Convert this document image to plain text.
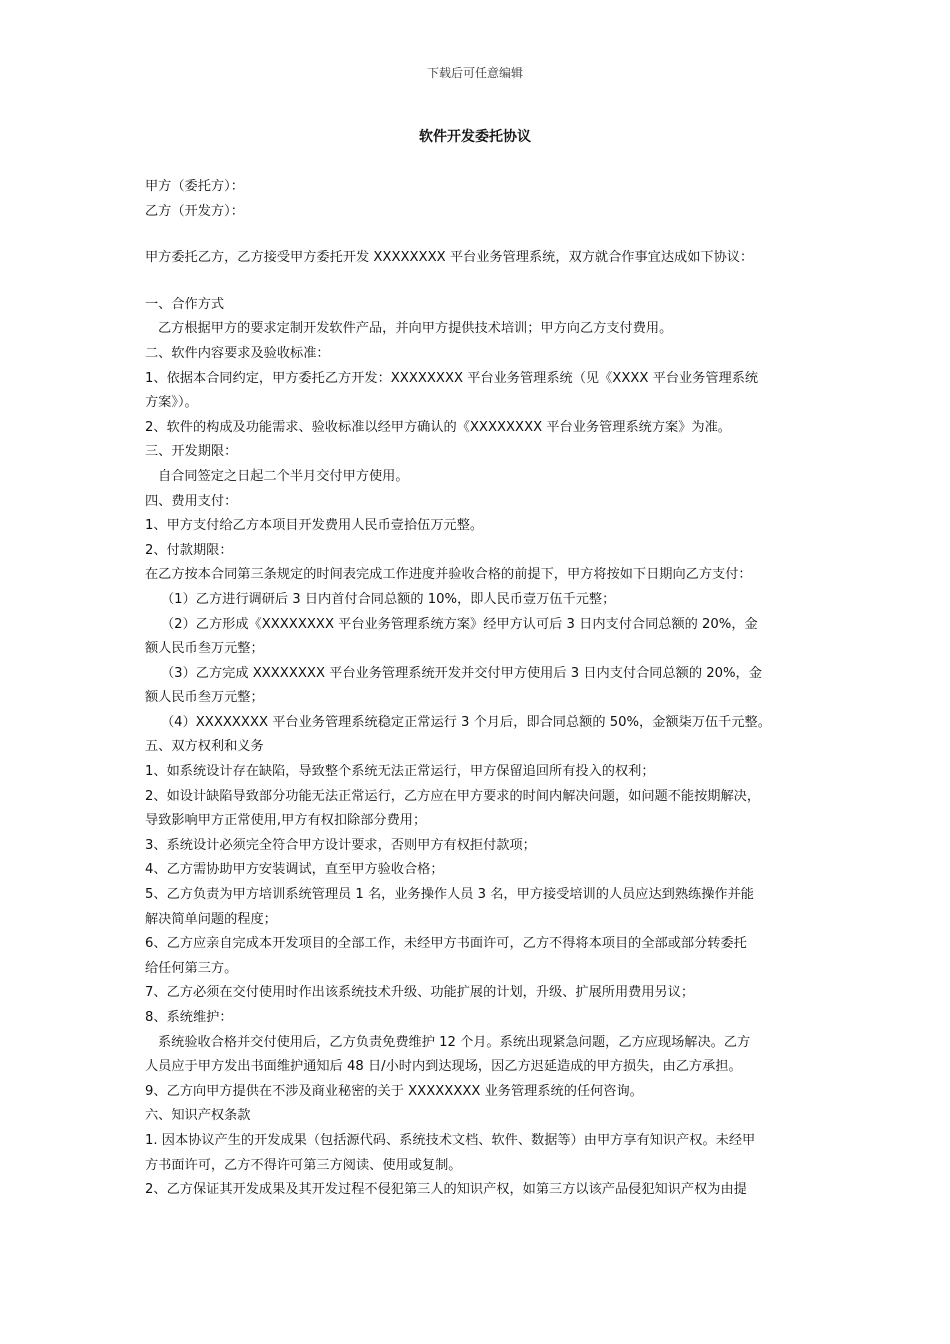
下载后可任意编辑
软件开发委托协议
甲方（委托方）：
乙方（开发方）：
甲方委托乙方，乙方接受甲方委托开发 XXXXXXXX 平台业务管理系统，双方就合作事宜达成如下协议：
一、合作方式
乙方根据甲方的要求定制开发软件产品，并向甲方提供技术培训；甲方向乙方支付费用。
二、软件内容要求及验收标准：
1、依据本合同约定，甲方委托乙方开发：XXXXXXXX 平台业务管理系统（见《XXXX 平台业务管理系统
方案》）。
2、软件的构成及功能需求、验收标准以经甲方确认的《XXXXXXXX 平台业务管理系统方案》为准。
三、开发期限：
自合同签定之日起二个半月交付甲方使用。
四、费用支付：
1、甲方支付给乙方本项目开发费用人民币壹拾伍万元整。
2、付款期限：
在乙方按本合同第三条规定的时间表完成工作进度并验收合格的前提下，甲方将按如下日期向乙方支付：
（1）乙方进行调研后 3 日内首付合同总额的 10%，即人民币壹万伍千元整；
（2）乙方形成《XXXXXXXX 平台业务管理系统方案》经甲方认可后 3 日内支付合同总额的 20%，金
额人民币叁万元整；
（3）乙方完成 XXXXXXXX 平台业务管理系统开发并交付甲方使用后 3 日内支付合同总额的 20%，金
额人民币叁万元整；
（4）XXXXXXXX 平台业务管理系统稳定正常运行 3 个月后，即合同总额的 50%，金额柒万伍千元整。
五、双方权利和义务
1、如系统设计存在缺陷，导致整个系统无法正常运行，甲方保留追回所有投入的权利；
2、如设计缺陷导致部分功能无法正常运行，乙方应在甲方要求的时间内解决问题，如问题不能按期解决，
导致影响甲方正常使用,甲方有权扣除部分费用；
3、系统设计必须完全符合甲方设计要求，否则甲方有权拒付款项；
4、乙方需协助甲方安装调试，直至甲方验收合格；
5、乙方负责为甲方培训系统管理员 1 名，业务操作人员 3 名，甲方接受培训的人员应达到熟练操作并能
解决简单问题的程度；
6、乙方应亲自完成本开发项目的全部工作，未经甲方书面许可，乙方不得将本项目的全部或部分转委托
给任何第三方。
7、乙方必须在交付使用时作出该系统技术升级、功能扩展的计划，升级、扩展所用费用另议；
8、系统维护：
系统验收合格并交付使用后，乙方负责免费维护 12 个月。系统出现紧急问题，乙方应现场解决。乙方
人员应于甲方发出书面维护通知后 48 日/小时内到达现场，因乙方迟延造成的甲方损失，由乙方承担。
9、乙方向甲方提供在不涉及商业秘密的关于 XXXXXXXX 业务管理系统的任何咨询。
六、知识产权条款
1. 因本协议产生的开发成果（包括源代码、系统技术文档、软件、数据等）由甲方享有知识产权。未经甲
方书面许可，乙方不得许可第三方阅读、使用或复制。
2、乙方保证其开发成果及其开发过程不侵犯第三人的知识产权，如第三方以该产品侵犯知识产权为由提
